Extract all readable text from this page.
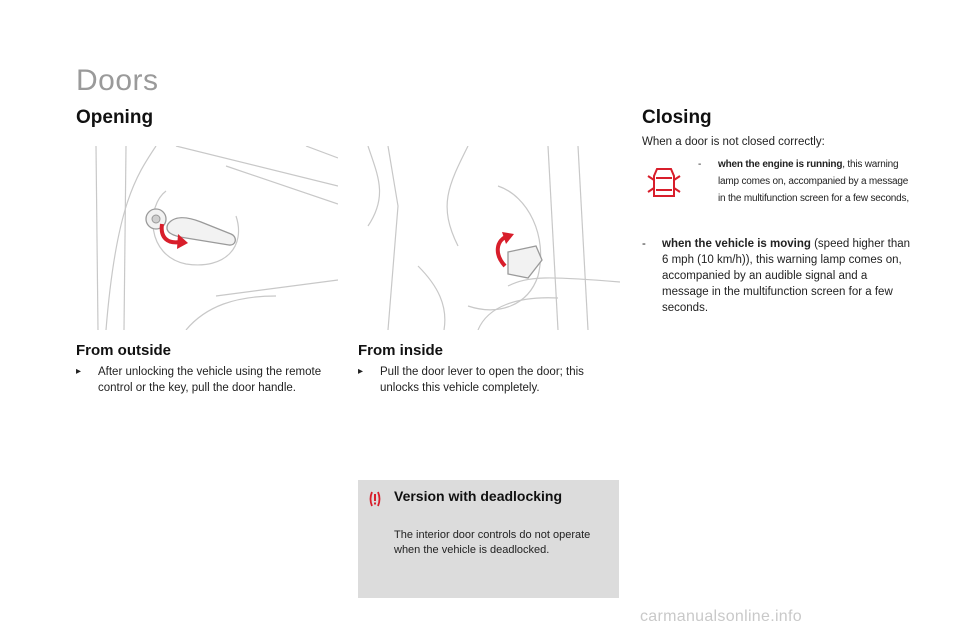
Doors
Opening
From outside
▸	After unlocking the vehicle using the remote control or the key, pull the door handle.
From inside
▸	Pull the door lever to open the door; this unlocks this vehicle completely.
Version with deadlocking
The interior door controls do not operate when the vehicle is deadlocked.
Closing
When a door is not closed correctly:
-	when the engine is running, this warning lamp comes on, accompanied by a message in the multifunction screen for a few seconds,
-	when the vehicle is moving (speed higher than 6 mph (10 km/h)), this warning lamp comes on, accompanied by an audible signal and a message in the multifunction screen for a few seconds.
carmanualsonline.info
